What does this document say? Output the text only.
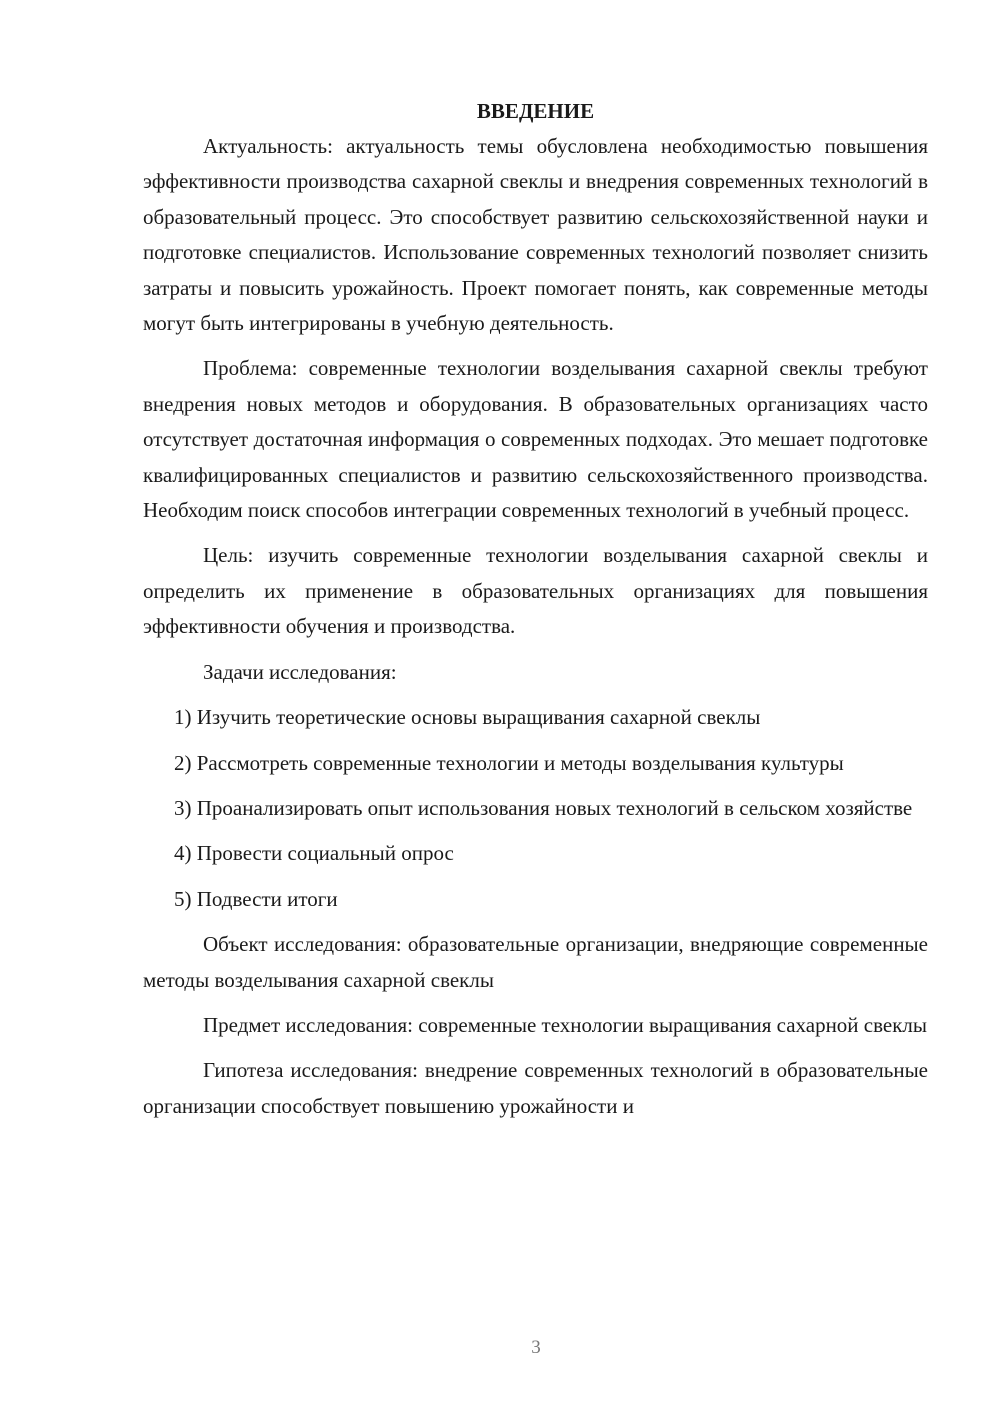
ВВЕДЕНИЕ

Актуальность: актуальность темы обусловлена необходимостью повышения эффективности производства сахарной свеклы и внедрения современных технологий в образовательный процесс. Это способствует развитию сельскохозяйственной науки и подготовке специалистов. Использование современных технологий позволяет снизить затраты и повысить урожайность. Проект помогает понять, как современные методы могут быть интегрированы в учебную деятельность.

Проблема: современные технологии возделывания сахарной свеклы требуют внедрения новых методов и оборудования. В образовательных организациях часто отсутствует достаточная информация о современных подходах. Это мешает подготовке квалифицированных специалистов и развитию сельскохозяйственного производства. Необходим поиск способов интеграции современных технологий в учебный процесс.

Цель: изучить современные технологии возделывания сахарной свеклы и определить их применение в образовательных организациях для повышения эффективности обучения и производства.

Задачи исследования:

1) Изучить теоретические основы выращивания сахарной свеклы

2) Рассмотреть современные технологии и методы возделывания культуры

3) Проанализировать опыт использования новых технологий в сельском хозяйстве

4) Провести социальный опрос

5) Подвести итоги

Объект исследования: образовательные организации, внедряющие современные методы возделывания сахарной свеклы

Предмет исследования: современные технологии выращивания сахарной свеклы

Гипотеза исследования: внедрение современных технологий в образовательные организации способствует повышению урожайности и

3
